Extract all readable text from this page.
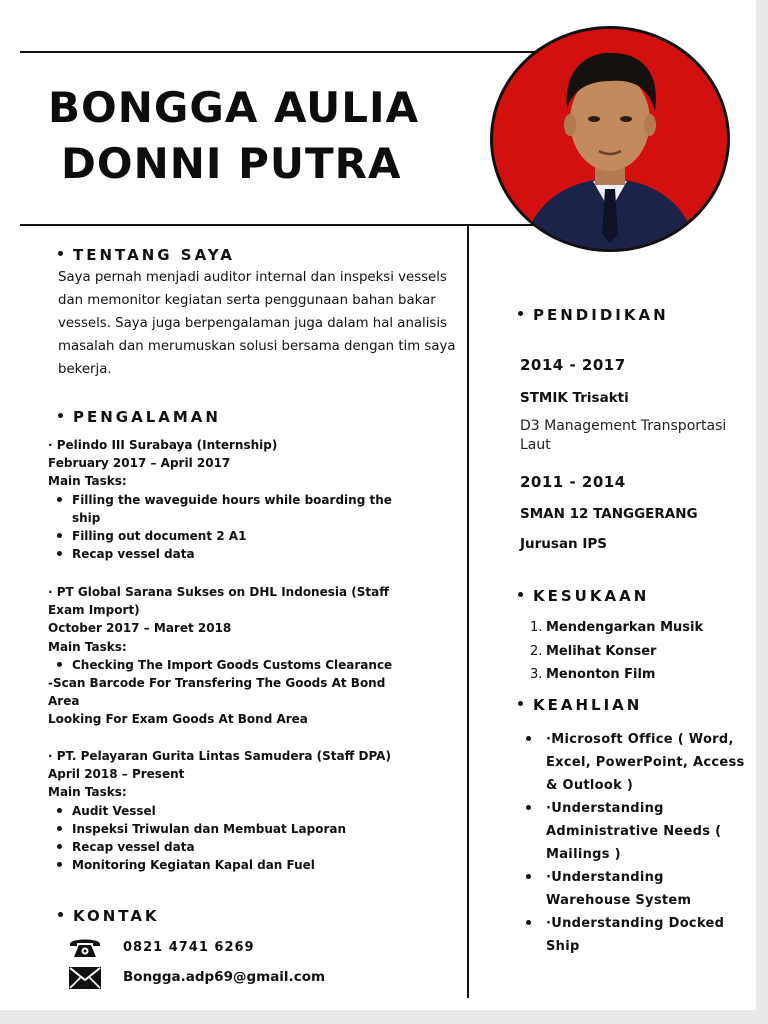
BONGGA AULIA
DONNI PUTRA
TENTANG SAYA
Saya pernah menjadi auditor internal dan inspeksi vessels dan memonitor kegiatan serta penggunaan bahan bakar vessels. Saya juga berpengalaman juga dalam hal analisis masalah dan merumuskan solusi bersama dengan tim saya bekerja.
PENGALAMAN
· Pelindo III Surabaya (Internship)
February 2017 – April 2017
Main Tasks:
Filling the waveguide hours while boarding the ship
Filling out document 2 A1
Recap vessel data
· PT Global Sarana Sukses on DHL Indonesia (Staff
Exam Import)
October 2017 – Maret 2018
Main Tasks:
Checking The Import Goods Customs Clearance
-Scan Barcode For Transfering The Goods At Bond
Area
Looking For Exam Goods At Bond Area
· PT. Pelayaran Gurita Lintas Samudera (Staff DPA)
April 2018 – Present
Main Tasks:
Audit Vessel
Inspeksi Triwulan dan Membuat Laporan
Recap vessel data
Monitoring Kegiatan Kapal dan Fuel
KONTAK
0821 4741 6269
Bongga.adp69@gmail.com
PENDIDIKAN
2014 - 2017
STMIK Trisakti
D3 Management Transportasi Laut
2011 - 2014
SMAN 12 TANGGERANG
Jurusan IPS
KESUKAAN
1. Mendengarkan Musik
2. Melihat Konser
3. Menonton Film
KEAHLIAN
·Microsoft Office ( Word, Excel, PowerPoint, Access & Outlook )
·Understanding Administrative Needs ( Mailings )
·Understanding Warehouse System
·Understanding Docked Ship
